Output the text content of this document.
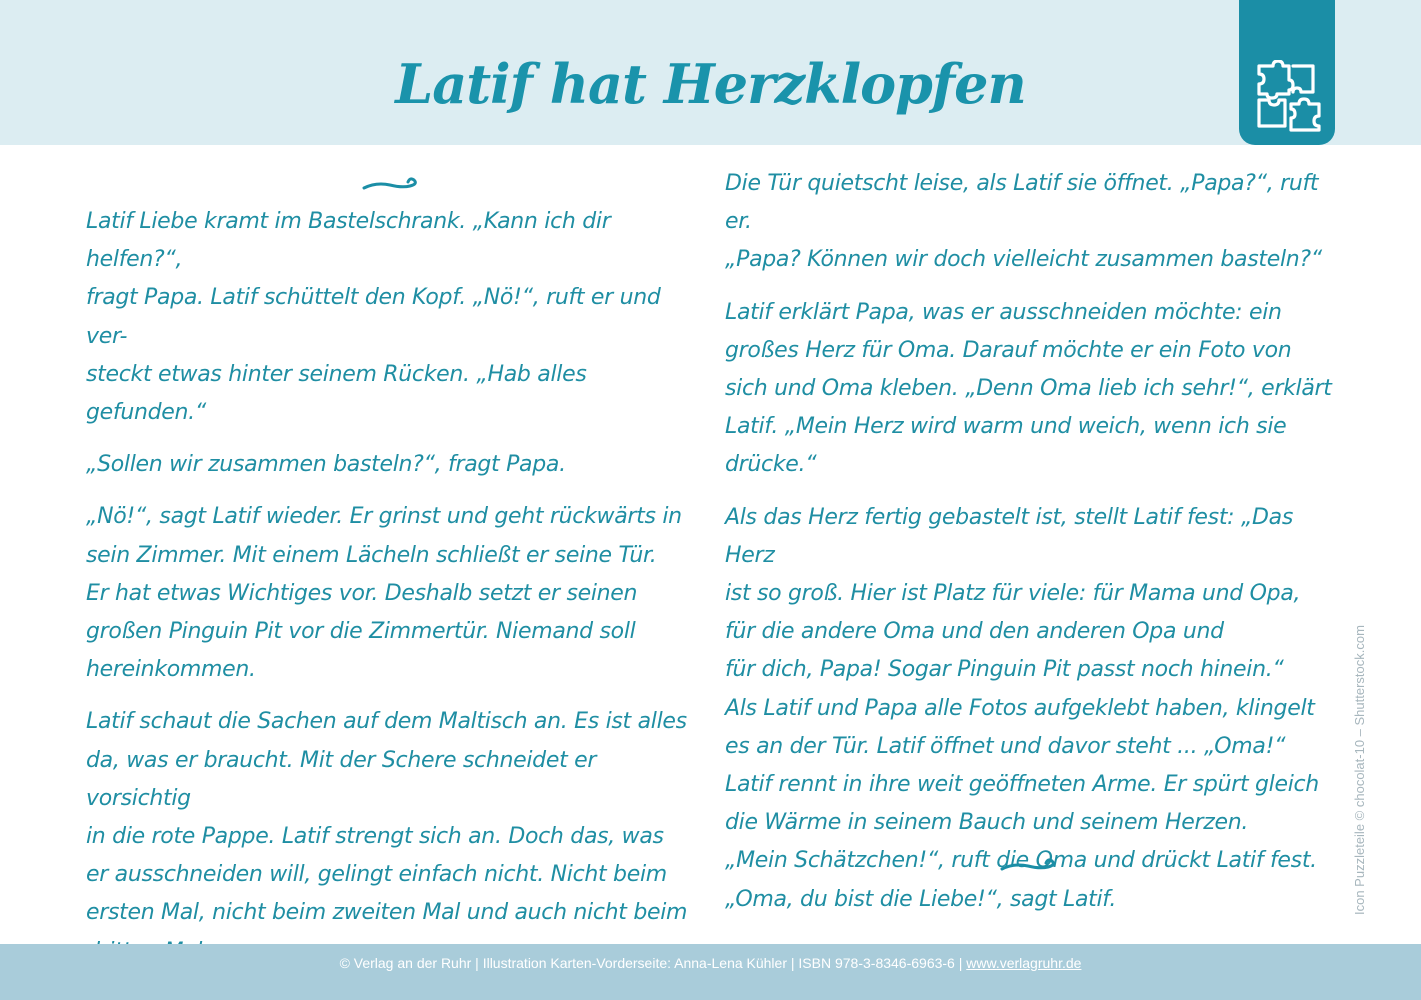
Latif hat Herzklopfen

Latif Liebe kramt im Bastelschrank. „Kann ich dir helfen?“,
fragt Papa. Latif schüttelt den Kopf. „Nö!“, ruft er und ver-
steckt etwas hinter seinem Rücken. „Hab alles gefunden.“

„Sollen wir zusammen basteln?“, fragt Papa.

„Nö!“, sagt Latif wieder. Er grinst und geht rückwärts in
sein Zimmer. Mit einem Lächeln schließt er seine Tür.
Er hat etwas Wichtiges vor. Deshalb setzt er seinen
großen Pinguin Pit vor die Zimmertür. Niemand soll
hereinkommen.

Latif schaut die Sachen auf dem Maltisch an. Es ist alles
da, was er braucht. Mit der Schere schneidet er vorsichtig
in die rote Pappe. Latif strengt sich an. Doch das, was
er ausschneiden will, gelingt einfach nicht. Nicht beim
ersten Mal, nicht beim zweiten Mal und auch nicht beim

Die Tür quietscht leise, als Latif sie öffnet. „Papa?“, ruft er.
„Papa? Können wir doch vielleicht zusammen basteln?“

Latif erklärt Papa, was er ausschneiden möchte: ein
großes Herz für Oma. Darauf möchte er ein Foto von
sich und Oma kleben. „Denn Oma lieb ich sehr!“, erklärt
Latif. „Mein Herz wird warm und weich, wenn ich sie
drücke.“

Als das Herz fertig gebastelt ist, stellt Latif fest: „Das Herz
ist so groß. Hier ist Platz für viele: für Mama und Opa,
für die andere Oma und den anderen Opa und
für dich, Papa! Sogar Pinguin Pit passt noch hinein.“
Als Latif und Papa alle Fotos aufgeklebt haben, klingelt
es an der Tür. Latif öffnet und davor steht ... „Oma!“
Latif rennt in ihre weit geöffneten Arme. Er spürt gleich
die Wärme in seinem Bauch und seinem Herzen.
„Mein Schätzchen!“, ruft die Oma und drückt Latif fest.
„Oma, du bist die Liebe!“, sagt Latif.	Icon Puzzleteile © chocolat-10 – Shutterstock.com
© Verlag an der Ruhr | Illustration Karten-Vorderseite: Anna-Lena Kühler | ISBN 978-3-8346-6963-6 | www.verlagruhr.de
